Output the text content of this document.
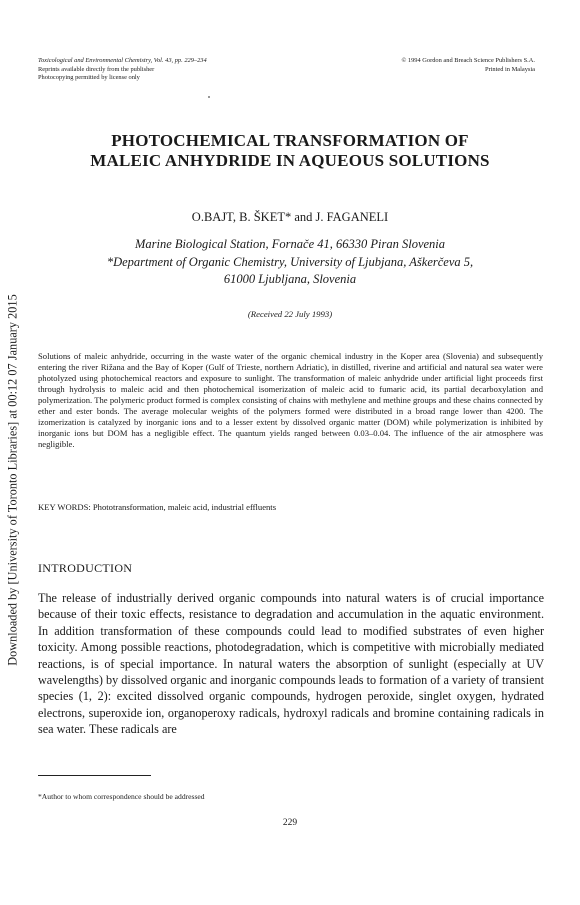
Downloaded by [University of Toronto Libraries] at 00:12 07 January 2015
Toxicological and Environmental Chemistry, Vol. 43, pp. 229–234
Reprints available directly from the publisher
Photocopying permitted by license only
© 1994 Gordon and Breach Science Publishers S.A.
Printed in Malaysia
PHOTOCHEMICAL TRANSFORMATION OF
MALEIC ANHYDRIDE IN AQUEOUS SOLUTIONS
O.BAJT, B. ŠKET* and J. FAGANELI
Marine Biological Station, Fornače 41, 66330 Piran Slovenia
*Department of Organic Chemistry, University of Ljubjana, Aškerčeva 5,
61000 Ljubljana, Slovenia
(Received 22 July 1993)
Solutions of maleic anhydride, occurring in the waste water of the organic chemical industry in the Koper area (Slovenia) and subsequently entering the river Rižana and the Bay of Koper (Gulf of Trieste, northern Adriatic), in distilled, riverine and artificial and natural sea water were photolyzed using photochemical reactors and exposure to sunlight. The transformation of maleic anhydride under artificial light proceeds first through hydrolysis to maleic acid and then photochemical isomerization of maleic acid to fumaric acid, its partial decarboxylation and polymerization. The polymeric product formed is complex consisting of chains with methylene and methine groups and these chains connected by ether and ester bonds. The average molecular weights of the polymers formed were distributed in a broad range lower than 4200. The izomerization is catalyzed by inorganic ions and to a lesser extent by dissolved organic matter (DOM) while polymerization is inhibited by inorganic ions but DOM has a negligible effect. The quantum yields ranged between 0.03–0.04. The influence of the air atmosphere was negligible.
KEY WORDS: Phototransformation, maleic acid, industrial effluents
INTRODUCTION
The release of industrially derived organic compounds into natural waters is of crucial importance because of their toxic effects, resistance to degradation and accumulation in the aquatic environment. In addition transformation of these compounds could lead to modified substrates of even higher toxicity. Among possible reactions, photodegradation, which is competitive with microbially mediated reactions, is of special importance. In natural waters the absorption of sunlight (especially at UV wavelengths) by dissolved organic and inorganic compounds leads to formation of a variety of transient species (1, 2): excited dissolved organic compounds, hydrogen peroxide, singlet oxygen, hydrated electrons, superoxide ion, organoperoxy radicals, hydroxyl radicals and bromine containing radicals in sea water. These radicals are
*Author to whom correspondence should be addressed
229
